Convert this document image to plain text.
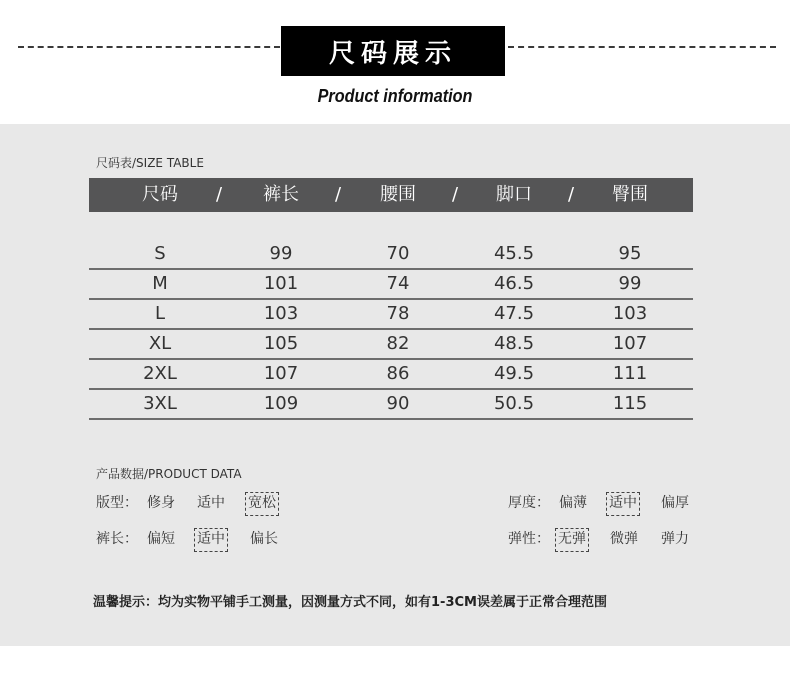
尺码展示
Product information
尺码表/SIZE TABLE
尺码	/	裤长	/	腰围	/	脚口	/	臀围
S	99	70	45.5	95
M	101	74	46.5	99
L	103	78	47.5	103
XL	105	82	48.5	107
2XL	107	86	49.5	111
3XL	109	90	50.5	115
产品数据/PRODUCT DATA
版型： 修身 适中 宽松	厚度： 偏薄 适中 偏厚
裤长： 偏短 适中 偏长	弹性： 无弹 微弹 弹力
温馨提示：均为实物平铺手工测量，因测量方式不同，如有1-3CM误差属于正常合理范围
